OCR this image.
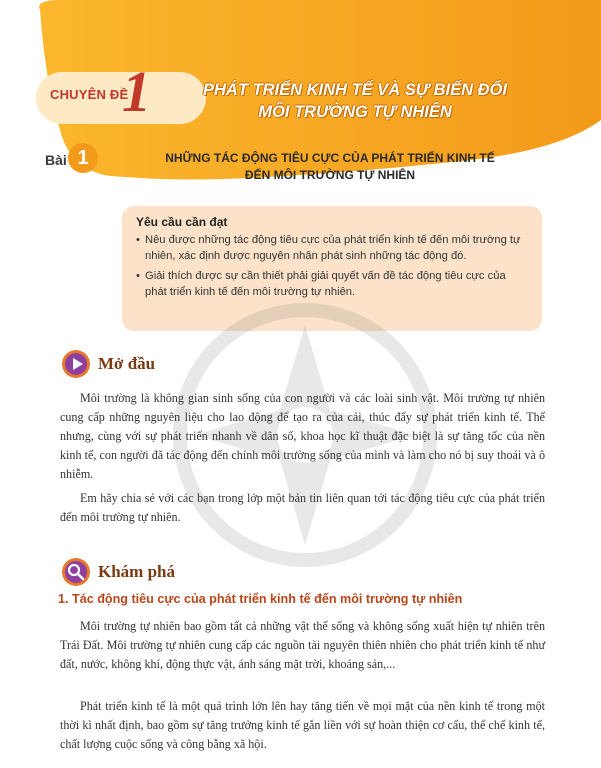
CHUYÊN ĐỀ
1	PHÁT TRIỂN KINH TẾ VÀ SỰ BIẾN ĐỔI
MÔI TRƯỜNG TỰ NHIÊN
Bài 1	NHỮNG TÁC ĐỘNG TIÊU CỰC CỦA PHÁT TRIỂN KINH TẾ
ĐẾN MÔI TRƯỜNG TỰ NHIÊN
Yêu cầu cần đạt
• Nêu được những tác động tiêu cực của phát triển kinh tế đến môi trường tự nhiên, xác định được nguyên nhân phát sinh những tác động đó.
• Giải thích được sự cần thiết phải giải quyết vấn đề tác động tiêu cực của phát triển kinh tế đến môi trường tự nhiên.
Mở đầu

Môi trường là không gian sinh sống của con người và các loài sinh vật. Môi trường tự nhiên cung cấp những nguyên liệu cho lao động để tạo ra của cải, thúc đẩy sự phát triển kinh tế. Thế nhưng, cùng với sự phát triển nhanh về dân số, khoa học kĩ thuật đặc biệt là sự tăng tốc của nền kinh tế, con người đã tác động đến chính môi trường sống của mình và làm cho nó bị suy thoái và ô nhiễm.

Em hãy chia sẻ với các bạn trong lớp một bản tin liên quan tới tác động tiêu cực của phát triển đến môi trường tự nhiên.

Khám phá
1. Tác động tiêu cực của phát triển kinh tế đến môi trường tự nhiên

Môi trường tự nhiên bao gồm tất cả những vật thể sống và không sống xuất hiện tự nhiên trên Trái Đất. Môi trường tự nhiên cung cấp các nguồn tài nguyên thiên nhiên cho phát triển kinh tế như đất, nước, không khí, động thực vật, ánh sáng mặt trời, khoáng sản,...

Phát triển kinh tế là một quá trình lớn lên hay tăng tiến về mọi mặt của nền kinh tế trong một thời kì nhất định, bao gồm sự tăng trưởng kinh tế gắn liền với sự hoàn thiện cơ cấu, thể chế kinh tế, chất lượng cuộc sống và công bằng xã hội.
